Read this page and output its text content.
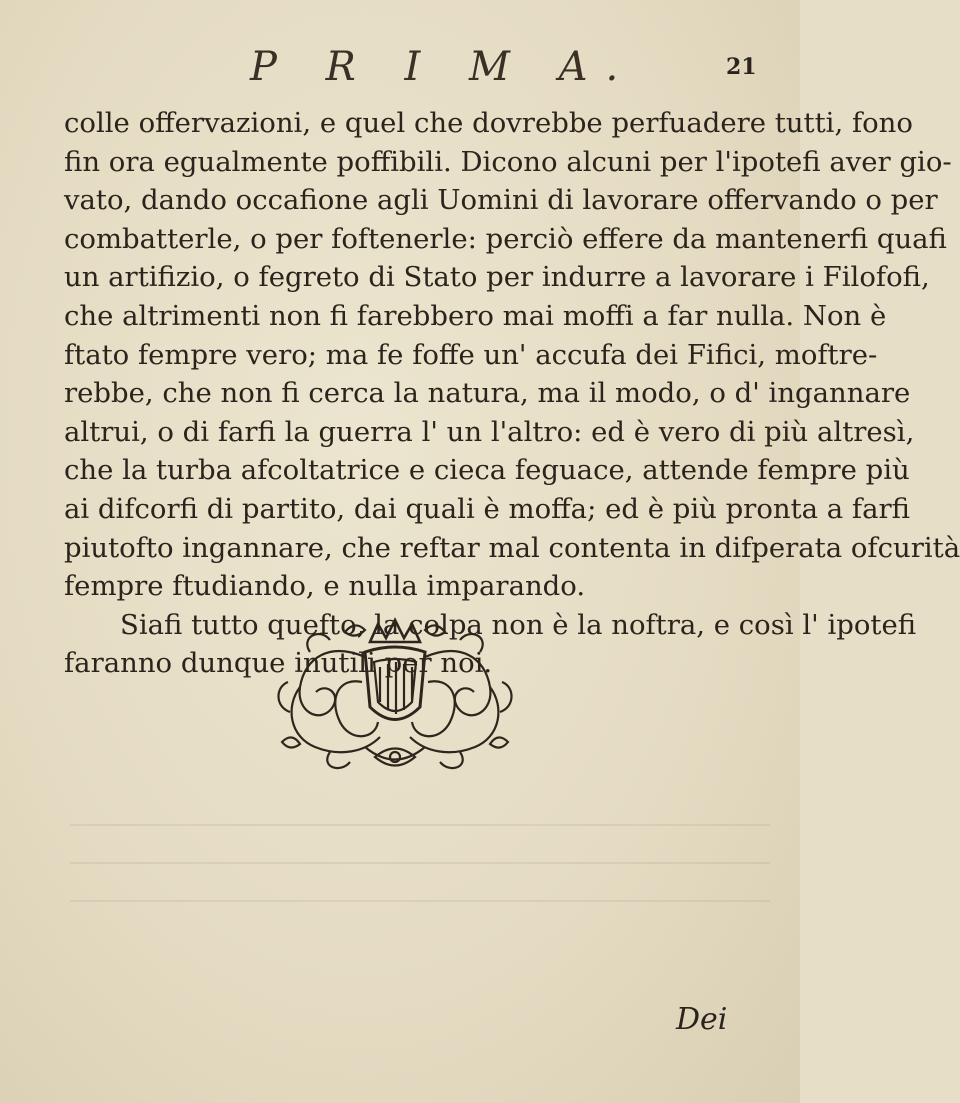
P R I M A.	21
colle offervazioni, e quel che dovrebbe perfuadere tutti, fono
fin ora egualmente poffibili. Dicono alcuni per l'ipotefi aver gio-
vato, dando occafione agli Uomini di lavorare offervando o per
combatterle, o per foftenerle: perciò effere da mantenerfi quafi
un artifizio, o fegreto di Stato per indurre a lavorare i Filofofi,
che altrimenti non fi farebbero mai moffi a far nulla. Non è
ftato fempre vero; ma fe foffe un' accufa dei Fifici, moftre-
rebbe, che non fi cerca la natura, ma il modo, o d' ingannare
altrui, o di farfi la guerra l' un l'altro: ed è vero di più altresì,
che la turba afcoltatrice e cieca feguace, attende fempre più
ai difcorfi di partito, dai quali è moffa; ed è più pronta a farfi
piutofto ingannare, che reftar mal contenta in difperata ofcurità
fempre ftudiando, e nulla imparando.
Siafi tutto quefto, la colpa non è la noftra, e così l' ipotefi
faranno dunque inutili per noi.
Dei
